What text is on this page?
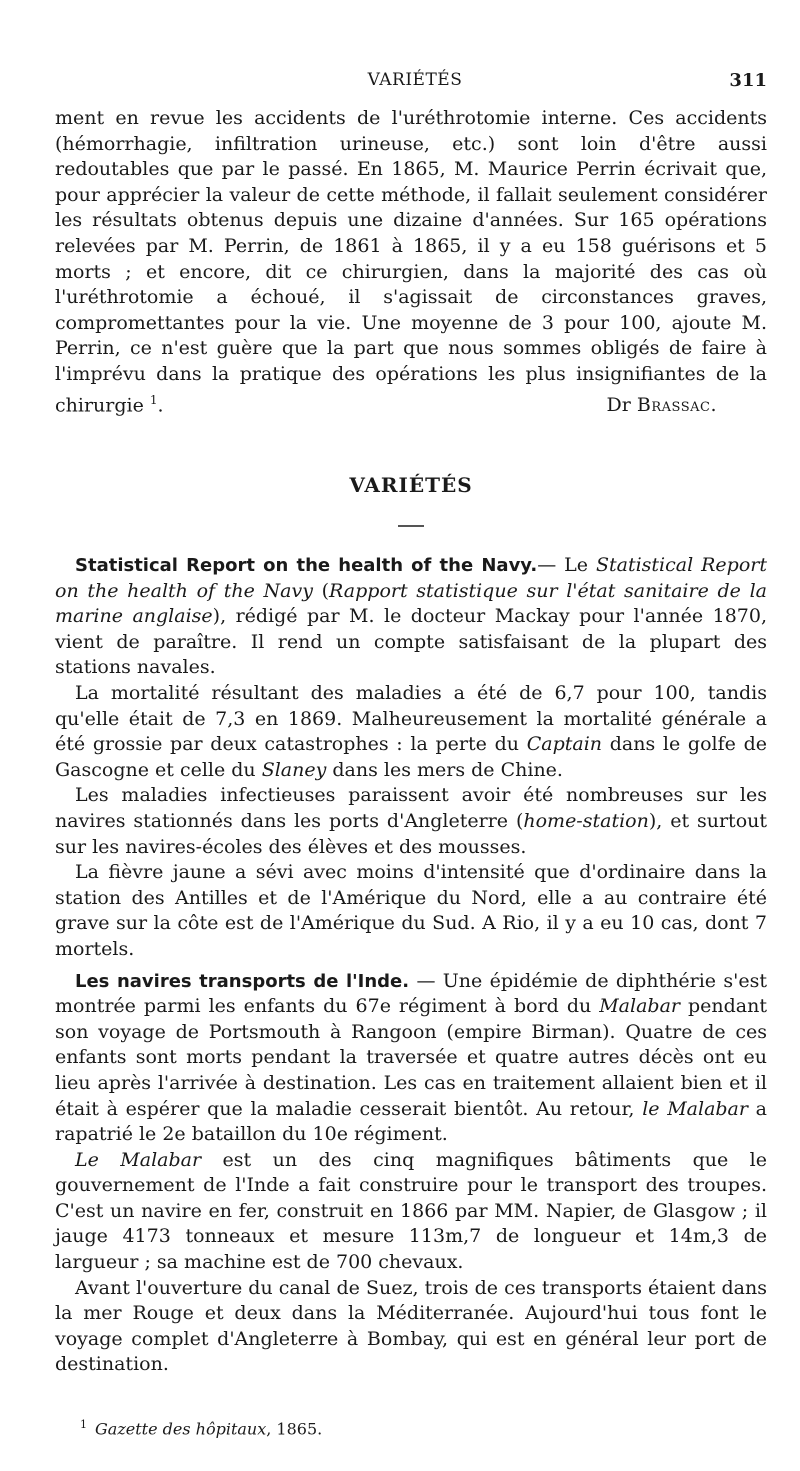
VARIÉTÉS	311

ment en revue les accidents de l'uréthrotomie interne. Ces accidents (hémorrhagie, infiltration urineuse, etc.) sont loin d'être aussi redoutables que par le passé. En 1865, M. Maurice Perrin écrivait que, pour apprécier la valeur de cette méthode, il fallait seulement considérer les résultats obtenus depuis une dizaine d'années. Sur 165 opérations relevées par M. Perrin, de 1861 à 1865, il y a eu 158 guérisons et 5 morts ; et encore, dit ce chirurgien, dans la majorité des cas où l'uréthrotomie a échoué, il s'agissait de circonstances graves, compromettantes pour la vie. Une moyenne de 3 pour 100, ajoute M. Perrin, ce n'est guère que la part que nous sommes obligés de faire à l'imprévu dans la pratique des opérations les plus insignifiantes de la chirurgie $^1$.	Dr Brassac.

VARIÉTÉS

Statistical Report on the health of the Navy.— Le Statistical Report on the health of the Navy (Rapport statistique sur l'état sanitaire de la marine anglaise), rédigé par M. le docteur Mackay pour l'année 1870, vient de paraître. Il rend un compte satisfaisant de la plupart des stations navales.

La mortalité résultant des maladies a été de 6,7 pour 100, tandis qu'elle était de 7,3 en 1869. Malheureusement la mortalité générale a été grossie par deux catastrophes : la perte du Captain dans le golfe de Gascogne et celle du Slaney dans les mers de Chine.

Les maladies infectieuses paraissent avoir été nombreuses sur les navires stationnés dans les ports d'Angleterre (home-station), et surtout sur les navires-écoles des élèves et des mousses.

La fièvre jaune a sévi avec moins d'intensité que d'ordinaire dans la station des Antilles et de l'Amérique du Nord, elle a au contraire été grave sur la côte est de l'Amérique du Sud. A Rio, il y a eu 10 cas, dont 7 mortels.

Les navires transports de l'Inde. — Une épidémie de diphthérie s'est montrée parmi les enfants du 67e régiment à bord du Malabar pendant son voyage de Portsmouth à Rangoon (empire Birman). Quatre de ces enfants sont morts pendant la traversée et quatre autres décès ont eu lieu après l'arrivée à destination. Les cas en traitement allaient bien et il était à espérer que la maladie cesserait bientôt. Au retour, le Malabar a rapatrié le 2e bataillon du 10e régiment.

Le Malabar est un des cinq magnifiques bâtiments que le gouvernement de l'Inde a fait construire pour le transport des troupes. C'est un navire en fer, construit en 1866 par MM. Napier, de Glasgow ; il jauge 4173 tonneaux et mesure 113m,7 de longueur et 14m,3 de largueur ; sa machine est de 700 chevaux.

Avant l'ouverture du canal de Suez, trois de ces transports étaient dans la mer Rouge et deux dans la Méditerranée. Aujourd'hui tous font le voyage complet d'Angleterre à Bombay, qui est en général leur port de destination.

$^1$ Gazette des hôpitaux, 1865.
